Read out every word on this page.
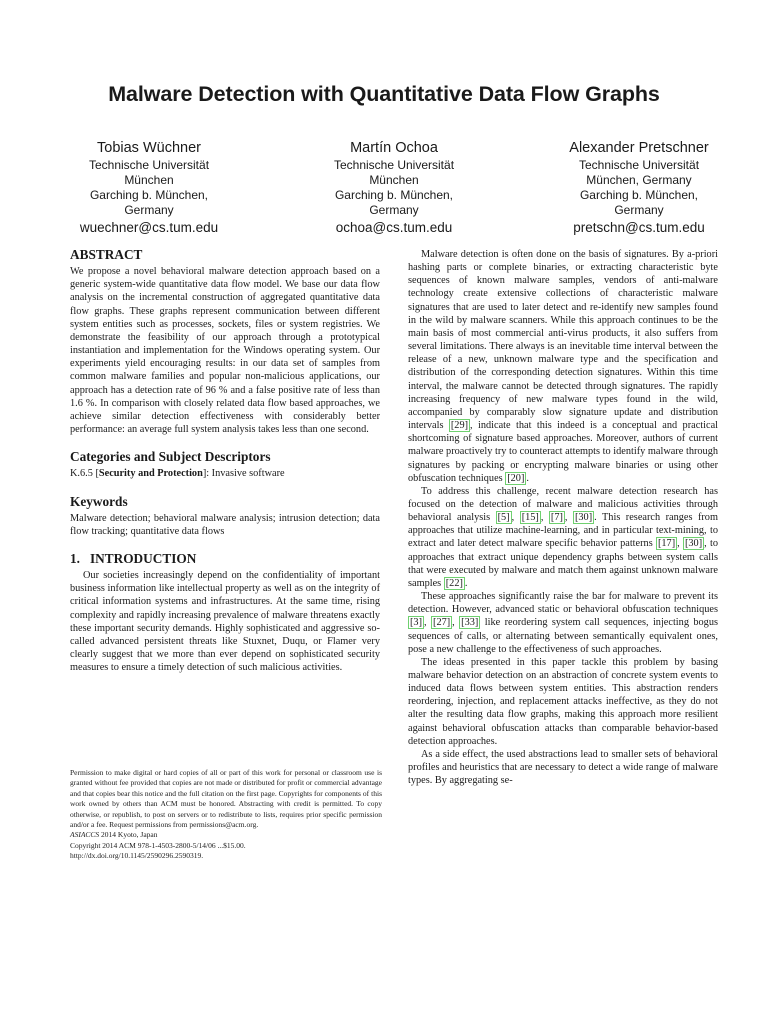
Malware Detection with Quantitative Data Flow Graphs
Tobias Wüchner
Technische Universität
München
Garching b. München,
Germany
wuechner@cs.tum.edu
Martín Ochoa
Technische Universität
München
Garching b. München,
Germany
ochoa@cs.tum.edu
Alexander Pretschner
Technische Universität
München, Germany
Garching b. München,
Germany
pretschn@cs.tum.edu
ABSTRACT

We propose a novel behavioral malware detection approach based on a generic system-wide quantitative data flow model. We base our data flow analysis on the incremental construction of aggregated quantitative data flow graphs. These graphs represent communication between different system entities such as processes, sockets, files or system registries. We demonstrate the feasibility of our approach through a prototypical instantiation and implementation for the Windows operating system. Our experiments yield encouraging results: in our data set of samples from common malware families and popular non-malicious applications, our approach has a detection rate of 96 % and a false positive rate of less than 1.6 %. In comparison with closely related data flow based approaches, we achieve similar detection effectiveness with considerably better performance: an average full system analysis takes less than one second.

Categories and Subject Descriptors

K.6.5 [Security and Protection]: Invasive software

Keywords

Malware detection; behavioral malware analysis; intrusion detection; data flow tracking; quantitative data flows

1.   INTRODUCTION

Our societies increasingly depend on the confidentiality of important business information like intellectual property as well as on the integrity of critical information systems and infrastructures. At the same time, rising complexity and rapidly increasing prevalence of malware threatens exactly these important security demands. Highly sophisticated and aggressive so-called advanced persistent threats like Stuxnet, Duqu, or Flamer very clearly suggest that we more than ever depend on sophisticated security measures to ensure a timely detection of such malicious activities.

Permission to make digital or hard copies of all or part of this work for personal or classroom use is granted without fee provided that copies are not made or distributed for profit or commercial advantage and that copies bear this notice and the full citation on the first page. Copyrights for components of this work owned by others than ACM must be honored. Abstracting with credit is permitted. To copy otherwise, or republish, to post on servers or to redistribute to lists, requires prior specific permission and/or a fee. Request permissions from permissions@acm.org.
ASIACCS 2014 Kyoto, Japan
Copyright 2014 ACM 978-1-4503-2800-5/14/06 ...$15.00.
http://dx.doi.org/10.1145/2590296.2590319.

Malware detection is often done on the basis of signatures. By a-priori hashing parts or complete binaries, or extracting characteristic byte sequences of known malware samples, vendors of anti-malware technology create extensive collections of characteristic malware signatures that are used to later detect and re-identify new samples found in the wild by malware scanners. While this approach continues to be the main basis of most commercial anti-virus products, it also suffers from several limitations. There always is an inevitable time interval between the release of a new, unknown malware type and the specification and distribution of the corresponding detection signatures. Within this time interval, the malware cannot be detected through signatures. The rapidly increasing frequency of new malware types found in the wild, accompanied by comparably slow signature update and distribution intervals [29] , indicate that this indeed is a conceptual and practical shortcoming of signature based approaches. Moreover, authors of current malware proactively try to counteract attempts to identify malware through signatures by packing or encrypting malware binaries or using other obfuscation techniques [20] .

To address this challenge, recent malware detection research has focused on the detection of malware and malicious activities through behavioral analysis [5] , [15] , [7] , [30] . This research ranges from approaches that utilize machine-learning, and in particular text-mining, to extract and later detect malware specific behavior patterns [17] , [30] , to approaches that extract unique dependency graphs between system calls that were executed by malware and match them against unknown malware samples [22] .

These approaches significantly raise the bar for malware to prevent its detection. However, advanced static or behavioral obfuscation techniques [3] , [27] , [33] like reordering system call sequences, injecting bogus sequences of calls, or alternating between semantically equivalent ones, pose a new challenge to the effectiveness of such approaches.

The ideas presented in this paper tackle this problem by basing malware behavior detection on an abstraction of concrete system events to induced data flows between system entities. This abstraction renders reordering, injection, and replacement attacks ineffective, as they do not alter the resulting data flow graphs, making this approach more resilient against behavioral obfuscation attacks than comparable behavior-based detection approaches.

As a side effect, the used abstractions lead to smaller sets of behavioral profiles and heuristics that are necessary to detect a wide range of malware types. By aggregating se-
